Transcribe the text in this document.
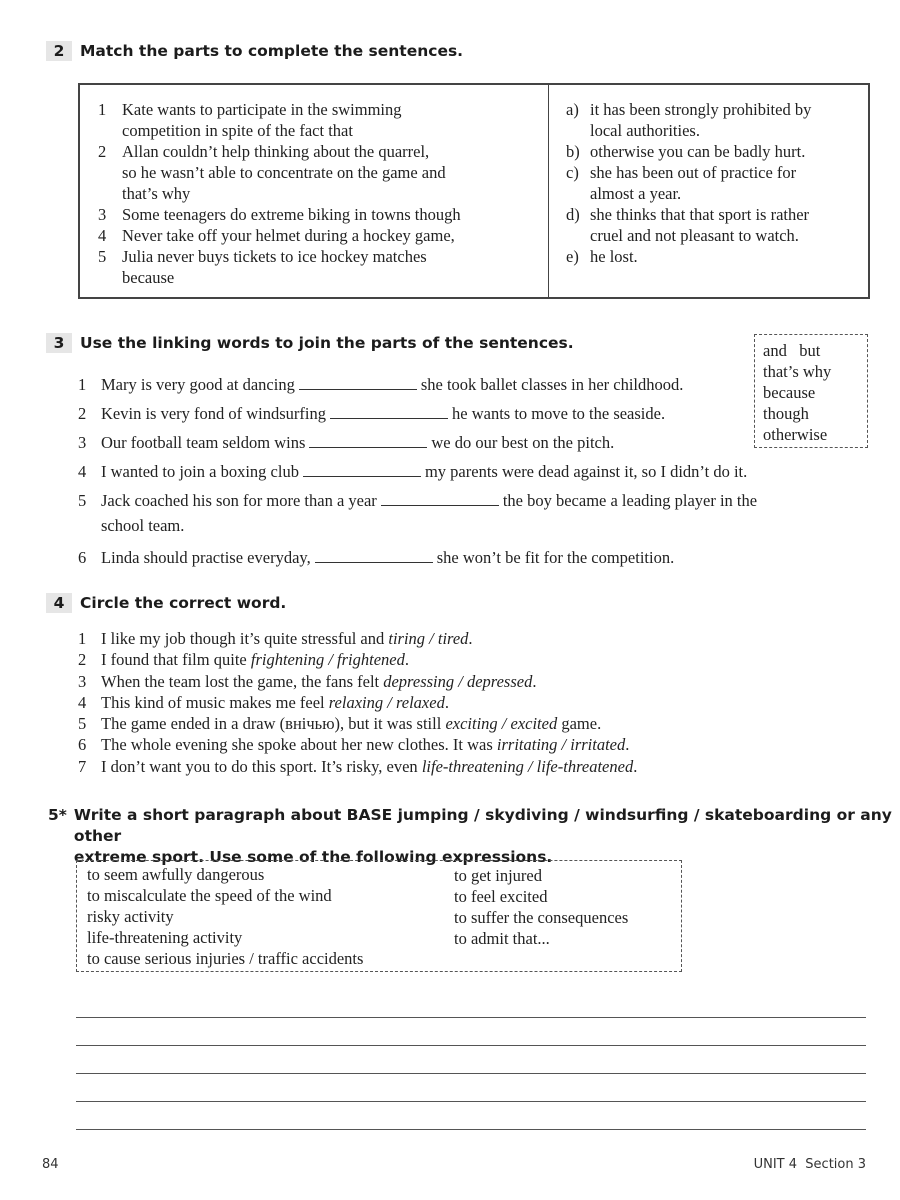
2	Match the parts to complete the sentences.
1 Kate wants to participate in the swimming
competition in spite of the fact that
2 Allan couldn’t help thinking about the quarrel,
so he wasn’t able to concentrate on the game and
that’s why
3 Some teenagers do extreme biking in towns though
4 Never take off your helmet during a hockey game,
5 Julia never buys tickets to ice hockey matches
because
a) it has been strongly prohibited by
local authorities.
b) otherwise you can be badly hurt.
c) she has been out of practice for
almost a year.
d) she thinks that that sport is rather
cruel and not pleasant to watch.
e) he lost.
3	Use the linking words to join the parts of the sentences.	and   but
that’s why
because
though
otherwise
1 Mary is very good at dancing	she took ballet classes in her childhood.
2 Kevin is very fond of windsurfing	he wants to move to the seaside.
3 Our football team seldom wins	we do our best on the pitch.
4 I wanted to join a boxing club	my parents were dead against it, so I didn’t do it.
5 Jack coached his son for more than a year	the boy became a leading player in the
school team.
6 Linda should practise everyday,	she won’t be fit for the competition.
4	Circle the correct word.
1 I like my job though it’s quite stressful and tiring / tired.
2 I found that film quite frightening / frightened.
3 When the team lost the game, the fans felt depressing / depressed.
4 This kind of music makes me feel relaxing / relaxed.
5 The game ended in a draw (внічью), but it was still exciting / excited game.
6 The whole evening she spoke about her new clothes. It was irritating / irritated.
7 I don’t want you to do this sport. It’s risky, even life-threatening / life-threatened.
5* Write a short paragraph about BASE jumping / skydiving / windsurfing / skateboarding or any other
extreme sport. Use some of the following expressions.
to seem awfully dangerous
to miscalculate the speed of the wind
risky activity
life-threatening activity
to cause serious injuries / traffic accidents
to get injured
to feel excited
to suffer the consequences
to admit that...
84	UNIT 4 Section 3
